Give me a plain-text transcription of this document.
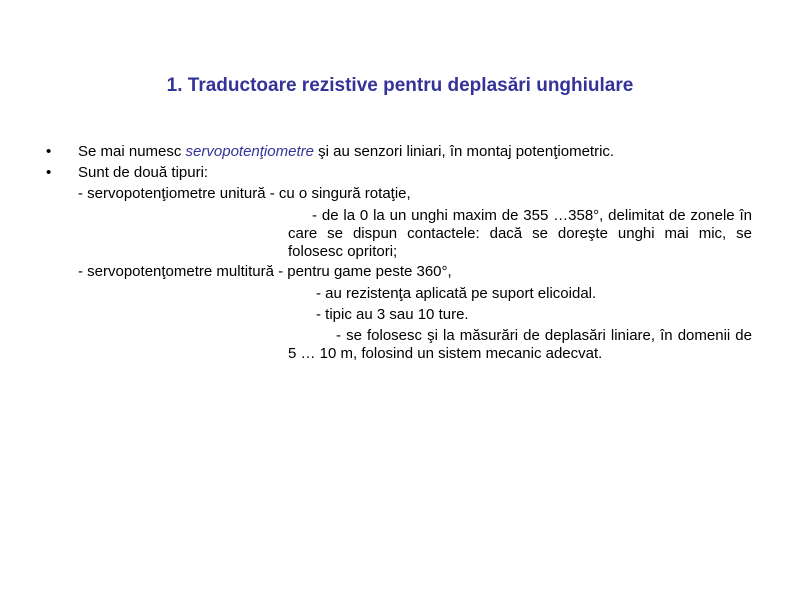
1. Traductoare rezistive pentru deplasări unghiulare
• Se mai numesc servopotenţiometre şi au senzori liniari, în montaj potenţiometric.
• Sunt de două tipuri:
- servopotenţiometre unitură - cu o singură rotaţie,
- de la 0 la un unghi maxim de 355 …358°, delimitat de zonele în care se dispun contactele: dacă se doreşte unghi mai mic, se folosesc opritori;
- servopotenţometre multitură - pentru game peste 360°,
- au rezistenţa aplicată pe suport elicoidal.
- tipic au 3 sau 10 ture.
- se folosesc şi la măsurări de deplasări liniare, în domenii de 5 … 10 m, folosind un sistem mecanic adecvat.
